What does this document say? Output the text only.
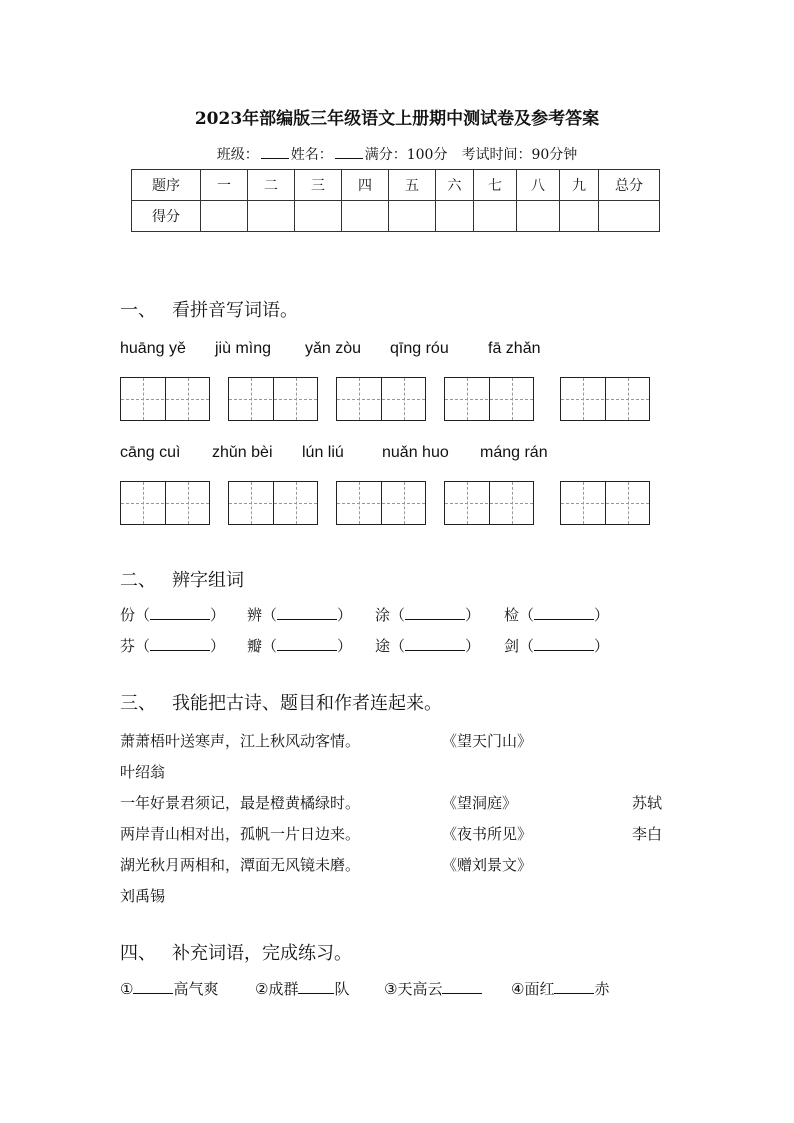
2023年部编版三年级语文上册期中测试卷及参考答案
班级： 姓名： 满分：100分 考试时间：90分钟
题序	一	二	三	四	五	六	七	八	九	总分
得分										
一、 看拼音写词语。
huāng yě jiù mìng yǎn zòu qīng róu fā zhǎn
cāng cuì zhǔn bèi lún liú nuǎn huo máng rán
二、 辨字组词
份（	） 辨（	） 涂（	） 检（	）
芬（	） 瓣（	） 途（	） 剑（	）
三、 我能把古诗、题目和作者连起来。
萧萧梧叶送寒声，江上秋风动客情。	《望天门山》
叶绍翁
一年好景君须记，最是橙黄橘绿时。	《望洞庭》	苏轼
两岸青山相对出，孤帆一片日边来。	《夜书所见》	李白
湖光秋月两相和，潭面无风镜未磨。	《赠刘景文》
刘禹锡
四、 补充词语，完成练习。
①	高气爽 ②成群 队 ③天高云	④面红	赤
